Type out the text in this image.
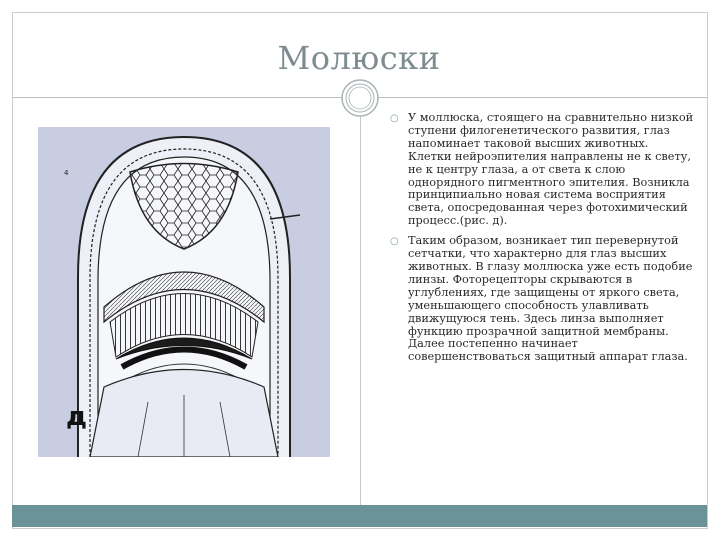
Молюски
4
д
○ У моллюска, стоящего на сравнительно низкой ступени филогенетического развития, глаз напоминает таковой высших животных. Клетки нейроэпителия направлены не к свету, не к центру глаза, а от света к слою однорядного пигментного эпителия. Возникла принципиально новая система восприятия света, опосредованная через фотохимический процесс.(рис. д).
○ Таким образом, возникает тип перевернутой сетчатки, что характерно для глаз высших животных. В глазу моллюска уже есть подобие линзы. Фоторецепторы скрываются в углублениях, где защищены от яркого света, уменьшающего способность улавливать движущуюся тень. Здесь линза выполняет функцию прозрачной защитной мембраны. Далее постепенно начинает совершенствоваться защитный аппарат глаза.
